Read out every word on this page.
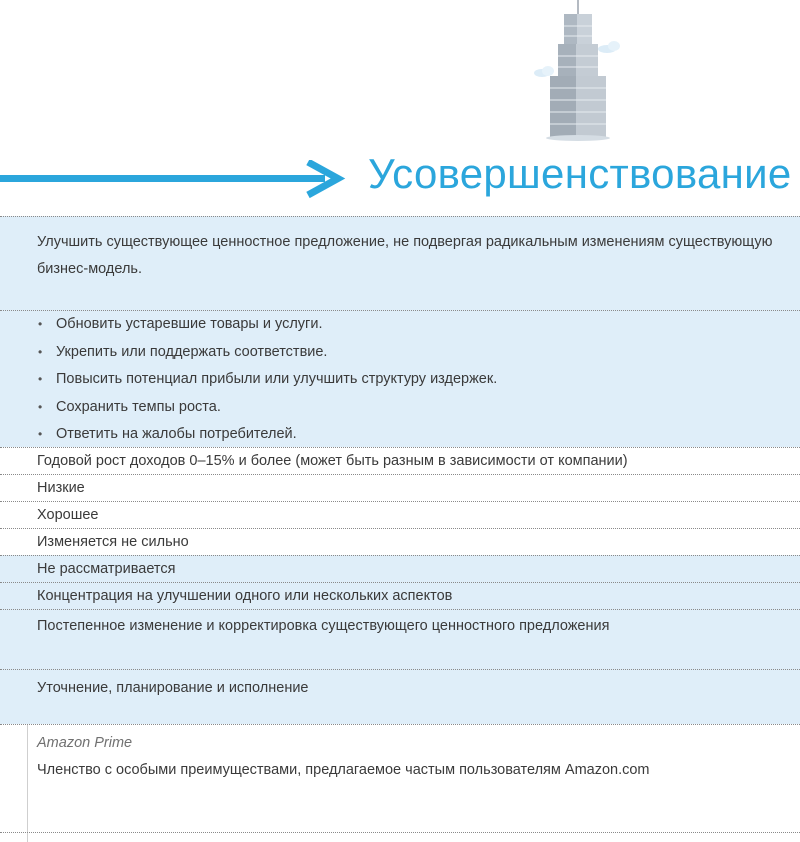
Усовершенствование
Улучшить существующее ценностное предложение, не подвергая радикальным изменениям существующую бизнес-модель.
• Обновить устаревшие товары и услуги.
• Укрепить или поддержать соответствие.
• Повысить потенциал прибыли или улучшить структуру издержек.
• Сохранить темпы роста.
• Ответить на жалобы потребителей.
Годовой рост доходов 0–15% и более (может быть разным в зависимости от компании)
Низкие
Хорошее
Изменяется не сильно
Не рассматривается
Концентрация на улучшении одного или нескольких аспектов
Постепенное изменение и корректировка существующего ценностного предложения
Уточнение, планирование и исполнение
Amazon Prime
Членство с особыми преимуществами, предлагаемое частым пользователям Amazon.com
